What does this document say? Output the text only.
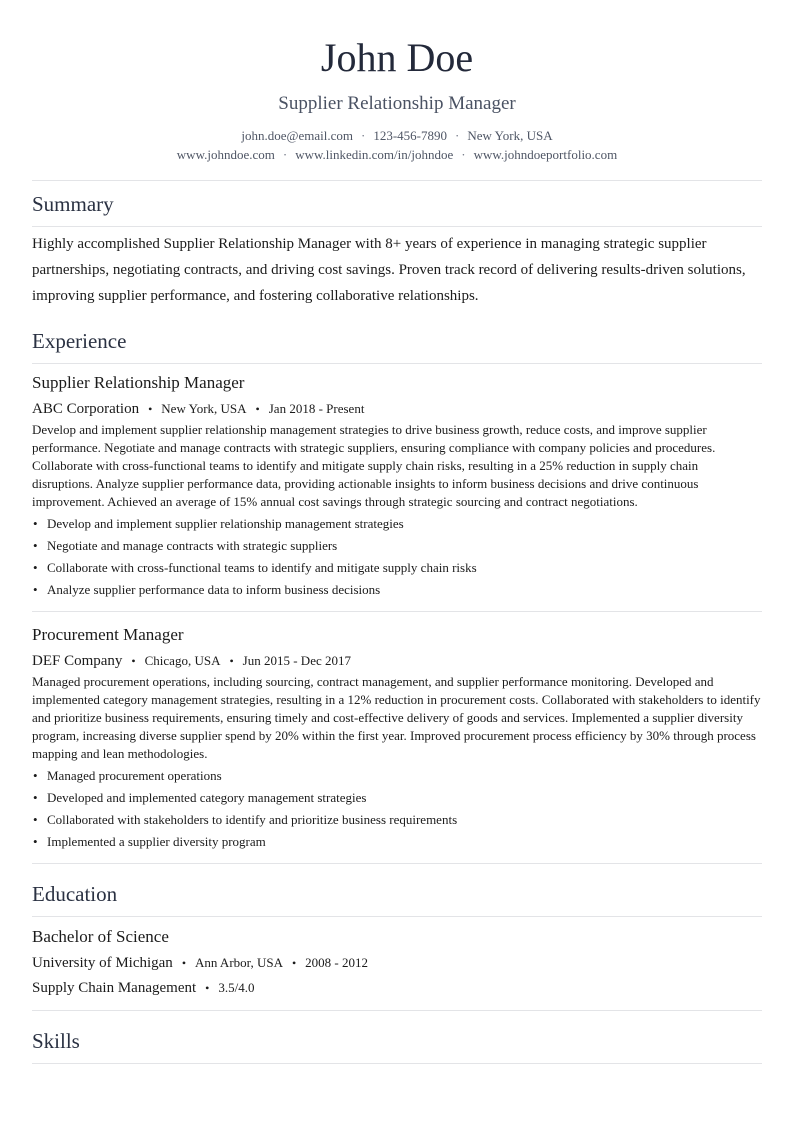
John Doe
Supplier Relationship Manager
john.doe@email.com · 123-456-7890 · New York, USA
www.johndoe.com · www.linkedin.com/in/johndoe · www.johndoeportfolio.com
Summary
Highly accomplished Supplier Relationship Manager with 8+ years of experience in managing strategic supplier partnerships, negotiating contracts, and driving cost savings. Proven track record of delivering results-driven solutions, improving supplier performance, and fostering collaborative relationships.
Experience
Supplier Relationship Manager
ABC Corporation • New York, USA • Jan 2018 - Present
Develop and implement supplier relationship management strategies to drive business growth, reduce costs, and improve supplier performance. Negotiate and manage contracts with strategic suppliers, ensuring compliance with company policies and procedures. Collaborate with cross-functional teams to identify and mitigate supply chain risks, resulting in a 25% reduction in supply chain disruptions. Analyze supplier performance data, providing actionable insights to inform business decisions and drive continuous improvement. Achieved an average of 15% annual cost savings through strategic sourcing and contract negotiations.
• Develop and implement supplier relationship management strategies
• Negotiate and manage contracts with strategic suppliers
• Collaborate with cross-functional teams to identify and mitigate supply chain risks
• Analyze supplier performance data to inform business decisions
Procurement Manager
DEF Company • Chicago, USA • Jun 2015 - Dec 2017
Managed procurement operations, including sourcing, contract management, and supplier performance monitoring. Developed and implemented category management strategies, resulting in a 12% reduction in procurement costs. Collaborated with stakeholders to identify and prioritize business requirements, ensuring timely and cost-effective delivery of goods and services. Implemented a supplier diversity program, increasing diverse supplier spend by 20% within the first year. Improved procurement process efficiency by 30% through process mapping and lean methodologies.
• Managed procurement operations
• Developed and implemented category management strategies
• Collaborated with stakeholders to identify and prioritize business requirements
• Implemented a supplier diversity program
Education
Bachelor of Science
University of Michigan • Ann Arbor, USA • 2008 - 2012
Supply Chain Management • 3.5/4.0
Skills
